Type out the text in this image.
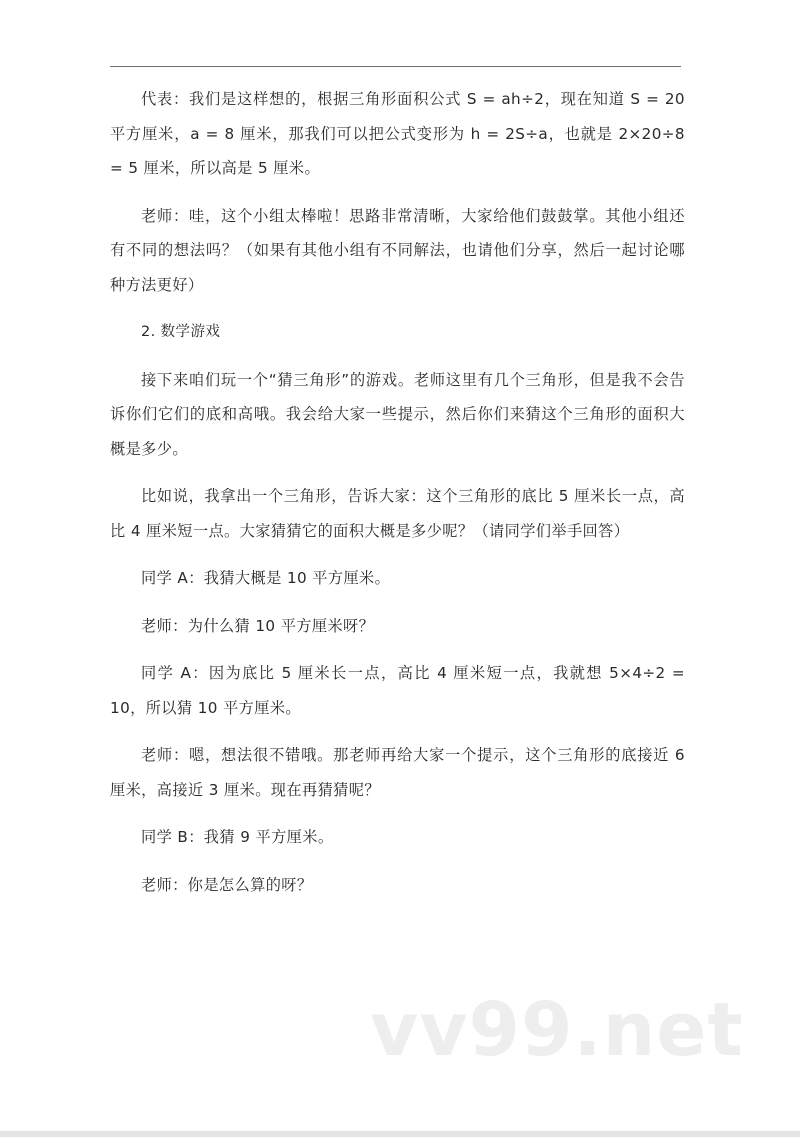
代表：我们是这样想的，根据三角形面积公式 S = ah÷2，现在知道 S = 20 平方厘米，a = 8 厘米，那我们可以把公式变形为 h = 2S÷a，也就是 2×20÷8 = 5 厘米，所以高是 5 厘米。

老师：哇，这个小组太棒啦！思路非常清晰，大家给他们鼓鼓掌。其他小组还有不同的想法吗？（如果有其他小组有不同解法，也请他们分享，然后一起讨论哪种方法更好）

2. 数学游戏

接下来咱们玩一个“猜三角形”的游戏。老师这里有几个三角形，但是我不会告诉你们它们的底和高哦。我会给大家一些提示，然后你们来猜这个三角形的面积大概是多少。

比如说，我拿出一个三角形，告诉大家：这个三角形的底比 5 厘米长一点，高比 4 厘米短一点。大家猜猜它的面积大概是多少呢？（请同学们举手回答）

同学 A：我猜大概是 10 平方厘米。

老师：为什么猜 10 平方厘米呀？

同学 A：因为底比 5 厘米长一点，高比 4 厘米短一点，我就想 5×4÷2 = 10，所以猜 10 平方厘米。

老师：嗯，想法很不错哦。那老师再给大家一个提示，这个三角形的底接近 6 厘米，高接近 3 厘米。现在再猜猜呢？

同学 B：我猜 9 平方厘米。

老师：你是怎么算的呀？

vv99.net
